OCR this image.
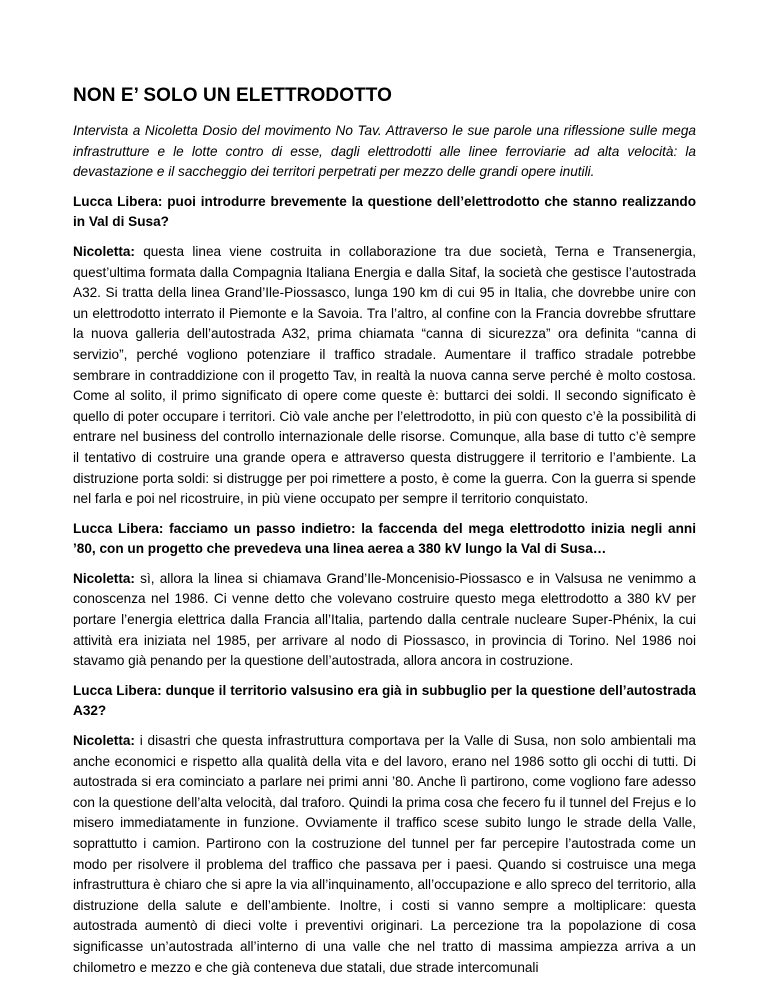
NON E’ SOLO UN ELETTRODOTTO

Intervista a Nicoletta Dosio del movimento No Tav. Attraverso le sue parole una riflessione sulle mega infrastrutture e le lotte contro di esse, dagli elettrodotti alle linee ferroviarie ad alta velocità: la devastazione e il saccheggio dei territori perpetrati per mezzo delle grandi opere inutili.

Lucca Libera: puoi introdurre brevemente la questione dell’elettrodotto che stanno realizzando in Val di Susa?

Nicoletta: questa linea viene costruita in collaborazione tra due società, Terna e Transenergia, quest’ultima formata dalla Compagnia Italiana Energia e dalla Sitaf, la società che gestisce l’autostrada A32. Si tratta della linea Grand’Ile-Piossasco, lunga 190 km di cui 95 in Italia, che dovrebbe unire con un elettrodotto interrato il Piemonte e la Savoia. Tra l’altro, al confine con la Francia dovrebbe sfruttare la nuova galleria dell’autostrada A32, prima chiamata “canna di sicurezza” ora definita “canna di servizio”, perché vogliono potenziare il traffico stradale. Aumentare il traffico stradale potrebbe sembrare in contraddizione con il progetto Tav, in realtà la nuova canna serve perché è molto costosa. Come al solito, il primo significato di opere come queste è: buttarci dei soldi. Il secondo significato è quello di poter occupare i territori. Ciò vale anche per l’elettrodotto, in più con questo c’è la possibilità di entrare nel business del controllo internazionale delle risorse. Comunque, alla base di tutto c’è sempre il tentativo di costruire una grande opera e attraverso questa distruggere il territorio e l’ambiente. La distruzione porta soldi: si distrugge per poi rimettere a posto, è come la guerra. Con la guerra si spende nel farla e poi nel ricostruire, in più viene occupato per sempre il territorio conquistato.

Lucca Libera: facciamo un passo indietro: la faccenda del mega elettrodotto inizia negli anni ’80, con un progetto che prevedeva una linea aerea a 380 kV lungo la Val di Susa…

Nicoletta: sì, allora la linea si chiamava Grand’Ile-Moncenisio-Piossasco e in Valsusa ne venimmo a conoscenza nel 1986. Ci venne detto che volevano costruire questo mega elettrodotto a 380 kV per portare l’energia elettrica dalla Francia all’Italia, partendo dalla centrale nucleare Super-Phénix, la cui attività era iniziata nel 1985, per arrivare al nodo di Piossasco, in provincia di Torino. Nel 1986 noi stavamo già penando per la questione dell’autostrada, allora ancora in costruzione.

Lucca Libera: dunque il territorio valsusino era già in subbuglio per la questione dell’autostrada A32?

Nicoletta: i disastri che questa infrastruttura comportava per la Valle di Susa, non solo ambientali ma anche economici e rispetto alla qualità della vita e del lavoro, erano nel 1986 sotto gli occhi di tutti. Di autostrada si era cominciato a parlare nei primi anni ’80. Anche lì partirono, come vogliono fare adesso con la questione dell’alta velocità, dal traforo. Quindi la prima cosa che fecero fu il tunnel del Frejus e lo misero immediatamente in funzione. Ovviamente il traffico scese subito lungo le strade della Valle, soprattutto i camion. Partirono con la costruzione del tunnel per far percepire l’autostrada come un modo per risolvere il problema del traffico che passava per i paesi. Quando si costruisce una mega infrastruttura è chiaro che si apre la via all’inquinamento, all’occupazione e allo spreco del territorio, alla distruzione della salute e dell’ambiente. Inoltre, i costi si vanno sempre a moltiplicare: questa autostrada aumentò di dieci volte i preventivi originari. La percezione tra la popolazione di cosa significasse un’autostrada all’interno di una valle che nel tratto di massima ampiezza arriva a un chilometro e mezzo e che già conteneva due statali, due strade intercomunali
